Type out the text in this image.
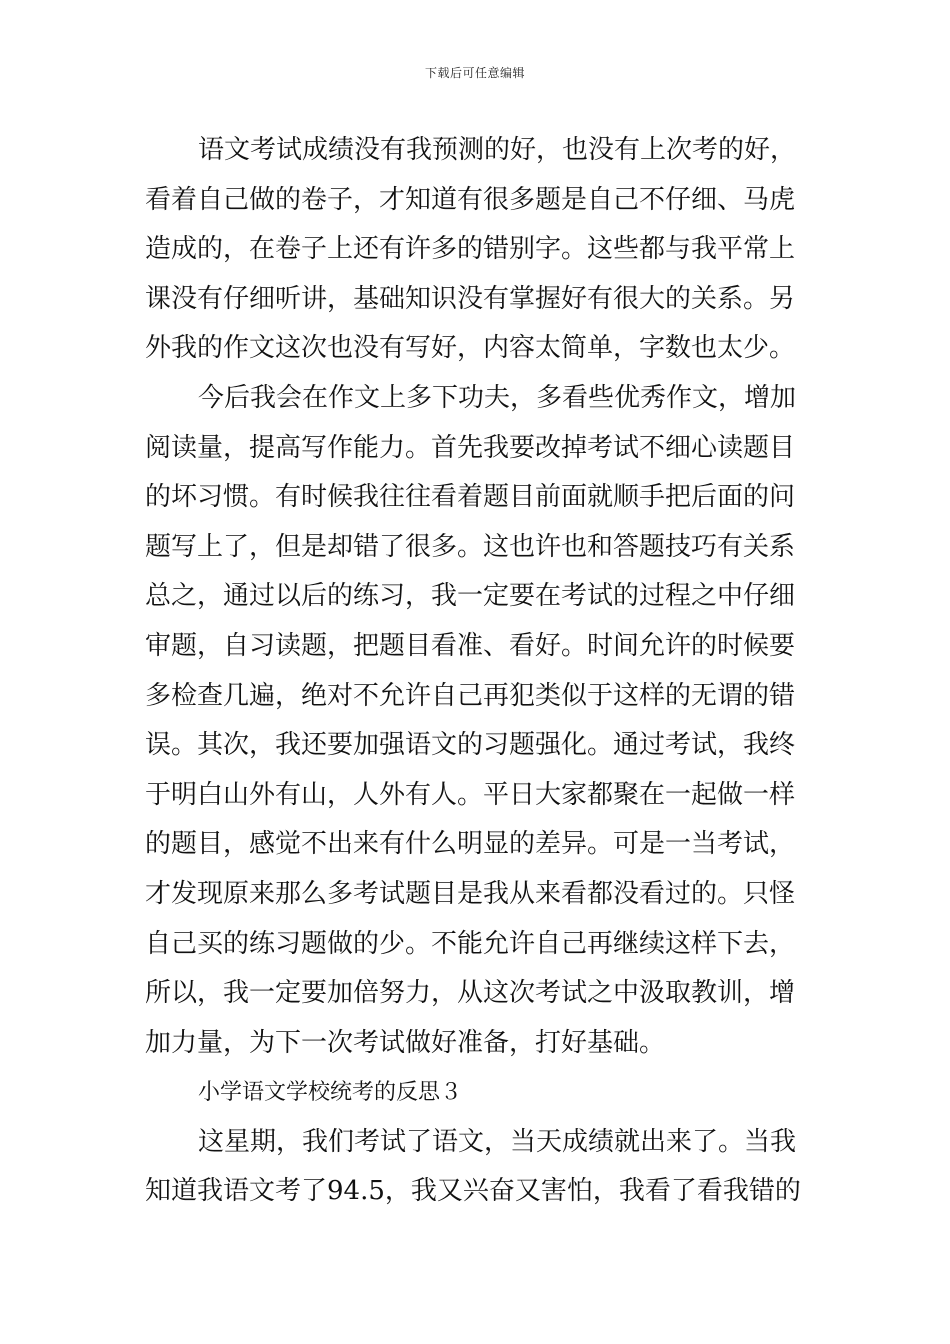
下载后可任意编辑
语文考试成绩没有我预测的好，也没有上次考的好，
看着自己做的卷子，才知道有很多题是自己不仔细、马虎
造成的，在卷子上还有许多的错别字。这些都与我平常上
课没有仔细听讲，基础知识没有掌握好有很大的关系。另
外我的作文这次也没有写好，内容太简单，字数也太少。
今后我会在作文上多下功夫，多看些优秀作文，增加
阅读量，提高写作能力。首先我要改掉考试不细心读题目
的坏习惯。有时候我往往看着题目前面就顺手把后面的问
题写上了，但是却错了很多。这也许也和答题技巧有关系
总之，通过以后的练习，我一定要在考试的过程之中仔细
审题，自习读题，把题目看准、看好。时间允许的时候要
多检查几遍，绝对不允许自己再犯类似于这样的无谓的错
误。其次，我还要加强语文的习题强化。通过考试，我终
于明白山外有山，人外有人。平日大家都聚在一起做一样
的题目，感觉不出来有什么明显的差异。可是一当考试，
才发现原来那么多考试题目是我从来看都没看过的。只怪
自己买的练习题做的少。不能允许自己再继续这样下去，
所以，我一定要加倍努力，从这次考试之中汲取教训，增
加力量，为下一次考试做好准备，打好基础。
小学语文学校统考的反思３
这星期，我们考试了语文，当天成绩就出来了。当我
知道我语文考了94.5，我又兴奋又害怕，我看了看我错的
